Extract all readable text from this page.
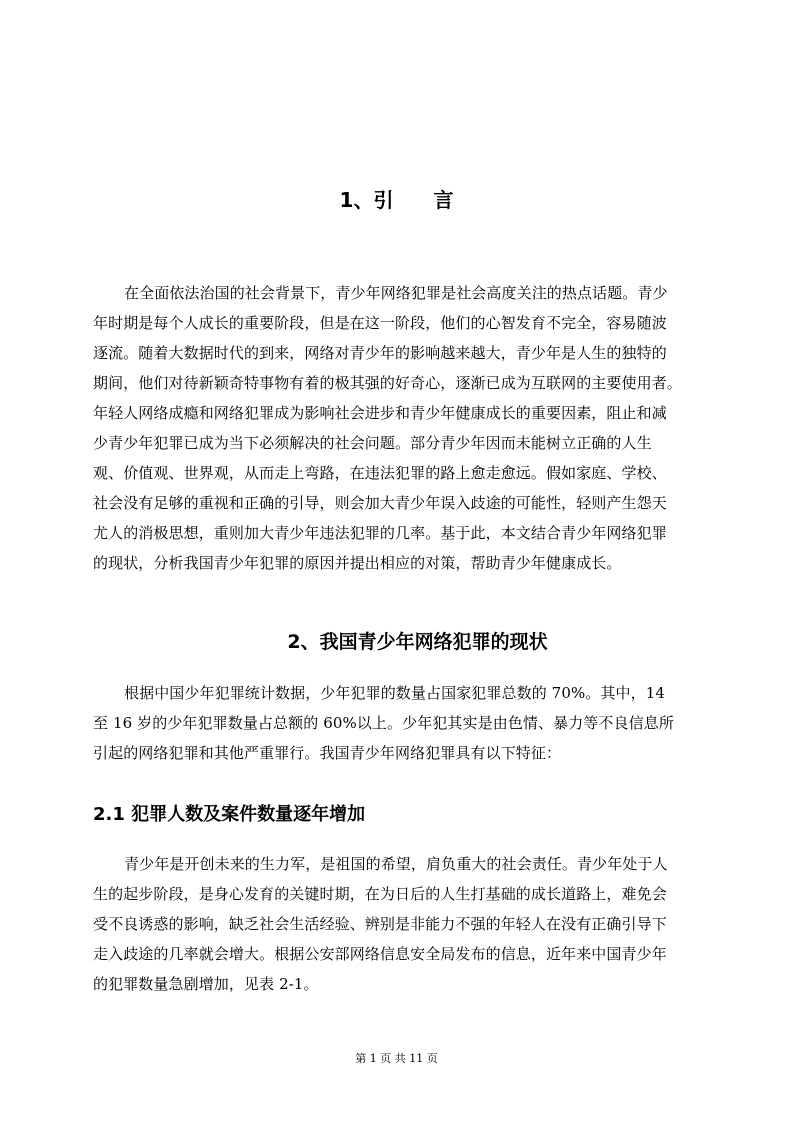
1、引　　言
在全面依法治国的社会背景下，青少年网络犯罪是社会高度关注的热点话题。青少
年时期是每个人成长的重要阶段，但是在这一阶段，他们的心智发育不完全，容易随波
逐流。随着大数据时代的到来，网络对青少年的影响越来越大，青少年是人生的独特的
期间，他们对待新颖奇特事物有着的极其强的好奇心，逐渐已成为互联网的主要使用者。
年轻人网络成瘾和网络犯罪成为影响社会进步和青少年健康成长的重要因素，阻止和减
少青少年犯罪已成为当下必须解决的社会问题。部分青少年因而未能树立正确的人生
观、价值观、世界观，从而走上弯路，在违法犯罪的路上愈走愈远。假如家庭、学校、
社会没有足够的重视和正确的引导，则会加大青少年误入歧途的可能性，轻则产生怨天
尤人的消极思想，重则加大青少年违法犯罪的几率。基于此，本文结合青少年网络犯罪
的现状，分析我国青少年犯罪的原因并提出相应的对策，帮助青少年健康成长。
2、我国青少年网络犯罪的现状
根据中国少年犯罪统计数据，少年犯罪的数量占国家犯罪总数的 70%。其中，14
至 16 岁的少年犯罪数量占总额的 60%以上。少年犯其实是由色情、暴力等不良信息所
引起的网络犯罪和其他严重罪行。我国青少年网络犯罪具有以下特征：
2.1 犯罪人数及案件数量逐年增加
青少年是开创未来的生力军，是祖国的希望，肩负重大的社会责任。青少年处于人
生的起步阶段，是身心发育的关键时期，在为日后的人生打基础的成长道路上，难免会
受不良诱惑的影响，缺乏社会生活经验、辨别是非能力不强的年轻人在没有正确引导下
走入歧途的几率就会增大。根据公安部网络信息安全局发布的信息，近年来中国青少年
的犯罪数量急剧增加，见表 2-1。
第 1 页 共 11 页
